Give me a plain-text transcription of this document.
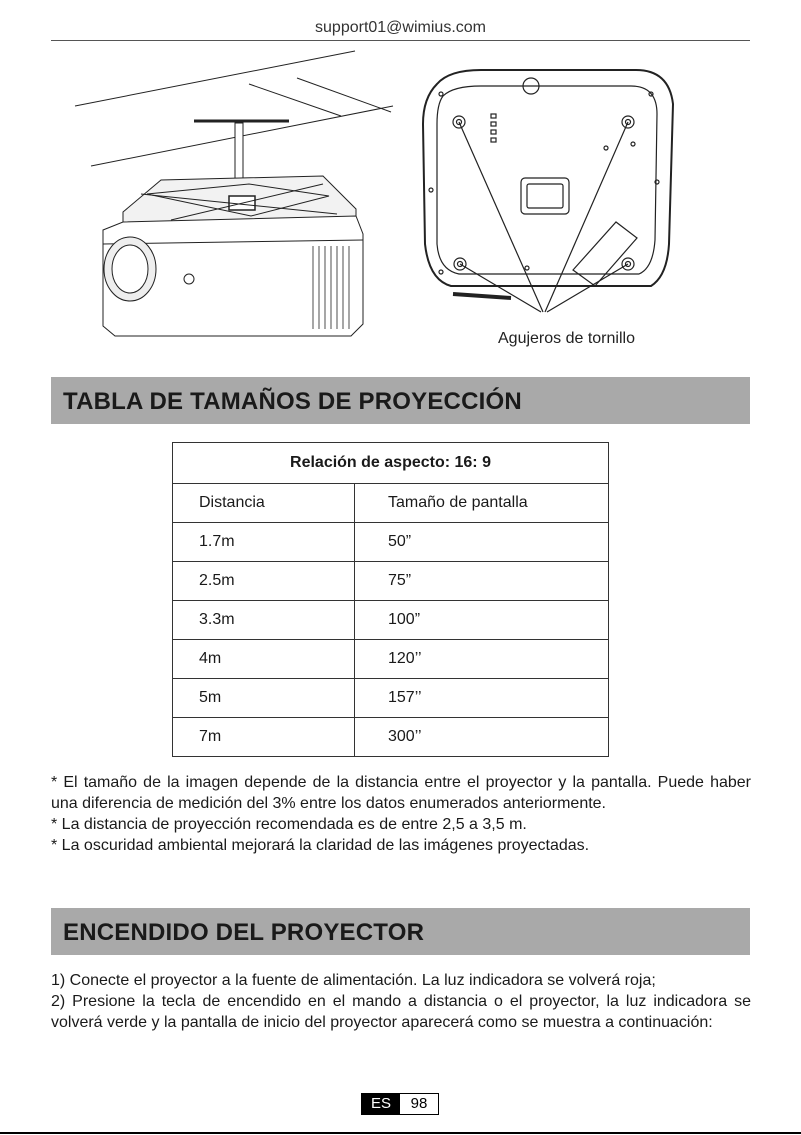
support01@wimius.com
Agujeros de tornillo
TABLA DE TAMAÑOS DE PROYECCIÓN
Relación de aspecto: 16: 9	
Distancia	Tamaño de pantalla
1.7m	50”
2.5m	75”
3.3m	100”
4m	120’’
5m	157’’
7m	300’’

* El tamaño de la imagen depende de la distancia entre el proyector y la pantalla. Puede haber una diferencia de medición del 3% entre los datos enumerados anteriormente.

* La distancia de proyección recomendada es de entre 2,5 a 3,5 m.

* La oscuridad ambiental mejorará la claridad de las imágenes proyectadas.

ENCENDIDO DEL PROYECTOR

1) Conecte el proyector a la fuente de alimentación. La luz indicadora se volverá roja;

2) Presione la tecla de encendido en el mando a distancia o el proyector, la luz indicadora se volverá verde y la pantalla de inicio del proyector aparecerá como se muestra a continuación:

ES	98
